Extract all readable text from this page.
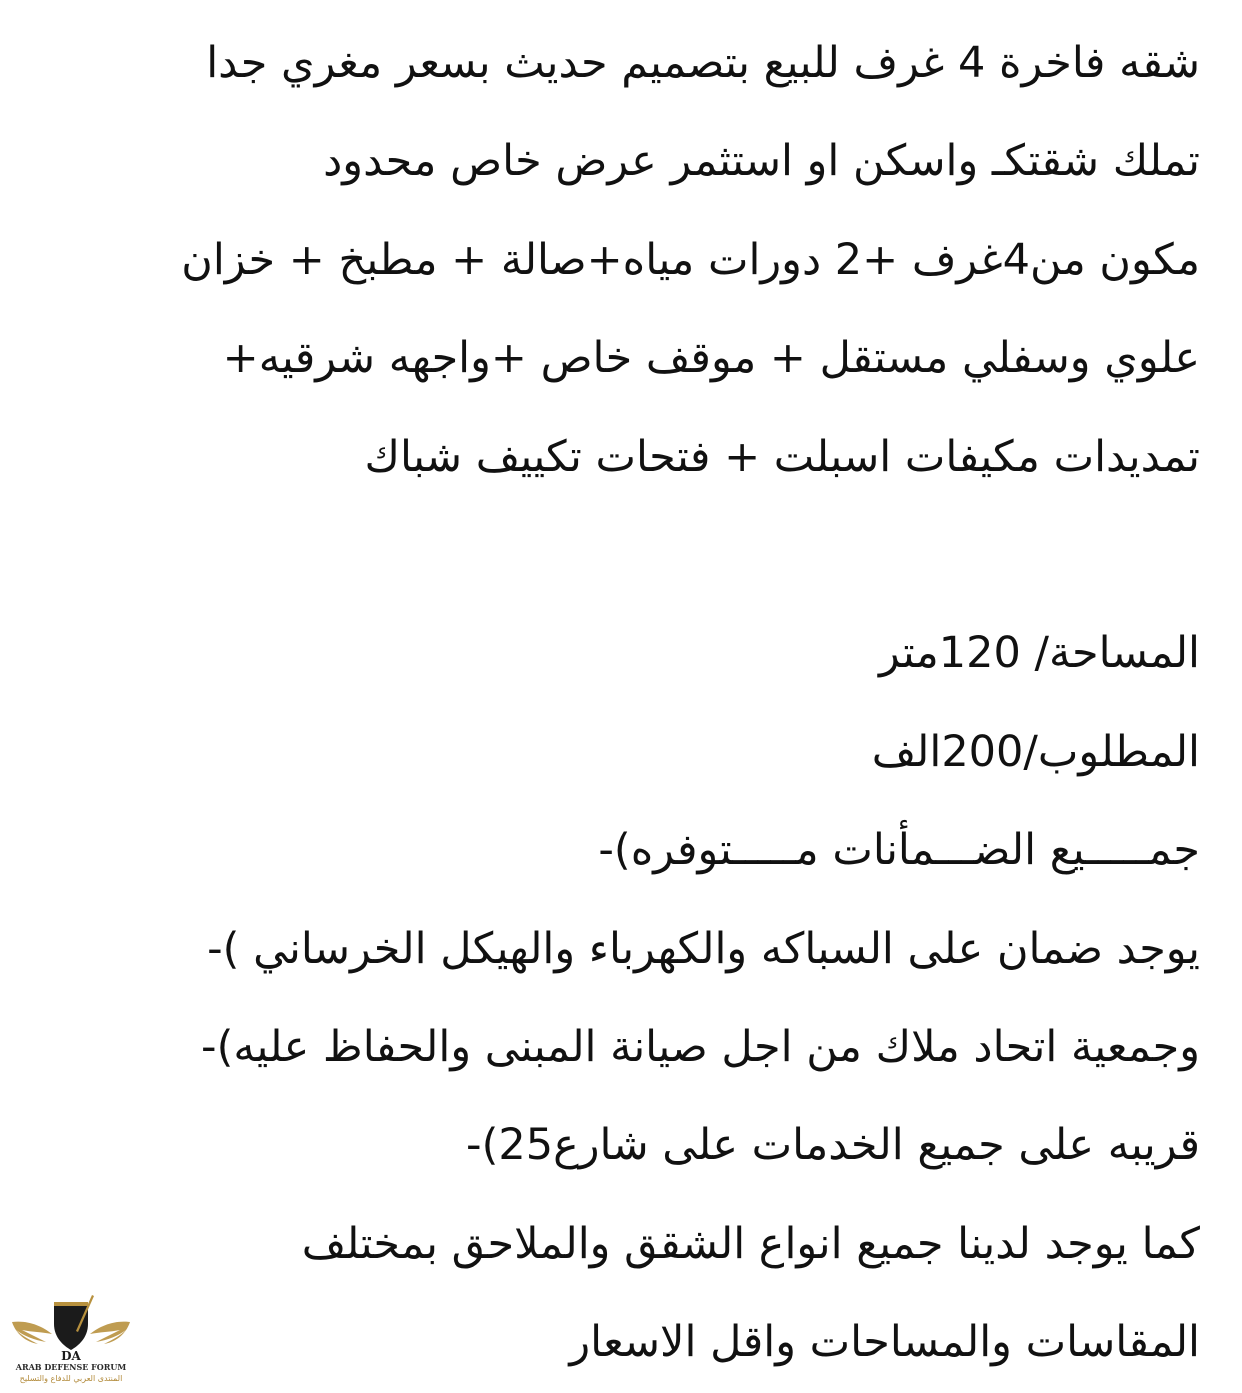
شقه فاخرة 4 غرف للبيع بتصميم حديث بسعر مغري جدا
تملك شقتكـ واسكن او استثمر عرض خاص محدود
مكون من4غرف +2 دورات مياه+صالة + مطبخ + خزان
علوي وسفلي مستقل + موقف خاص +واجهه شرقيه+
تمديدات مكيفات اسبلت + فتحات تكييف شباك
المساحة/ 120متر
المطلوب/200الف
جمـــــيع الضـــمأنات مـــــتوفره)-
يوجد ضمان على السباكه والكهرباء والهيكل الخرساني )-
وجمعية اتحاد ملاك من اجل صيانة المبنى والحفاظ عليه)-
قريبه على جميع الخدمات على شارع25)-
كما يوجد لدينا جميع انواع الشقق والملاحق بمختلف
المقاسات والمساحات واقل الاسعار
DA
ARAB DEFENSE FORUM
المنتدى العربي للدفاع والتسليح
